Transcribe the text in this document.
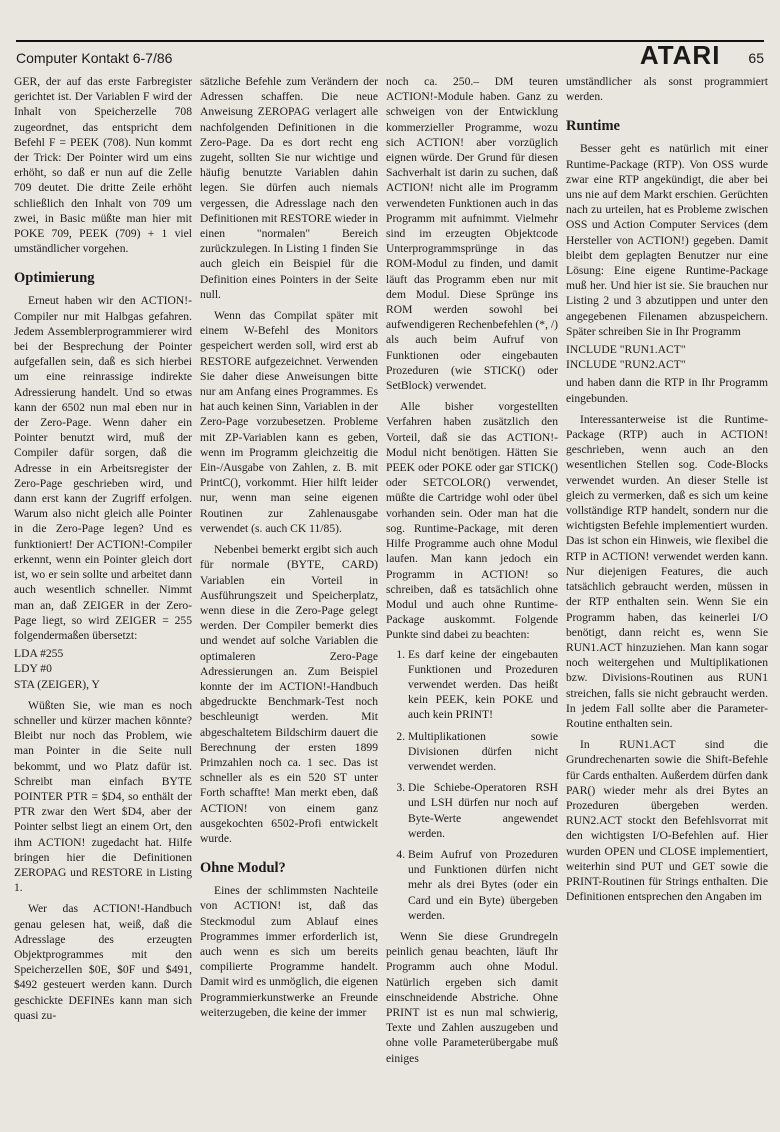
Computer Kontakt 6-7/86	ATARI 65

GER, der auf das erste Farbregister gerichtet ist. Der Variablen F wird der Inhalt von Speicherzelle 708 zugeordnet, das entspricht dem Befehl F = PEEK (708). Nun kommt der Trick: Der Pointer wird um eins erhöht, so daß er nun auf die Zelle 709 deutet. Die dritte Zeile erhöht schließlich den Inhalt von 709 um zwei, in Basic müßte man hier mit POKE 709, PEEK (709) + 1 viel umständlicher vorgehen.

Optimierung

Erneut haben wir den ACTION!-Compiler nur mit Halbgas gefahren. Jedem Assemblerprogrammierer wird bei der Besprechung der Pointer aufgefallen sein, daß es sich hierbei um eine reinrassige indirekte Adressierung handelt. Und so etwas kann der 6502 nun mal eben nur in der Zero-Page. Wenn daher ein Pointer benutzt wird, muß der Compiler dafür sorgen, daß die Adresse in ein Arbeitsregister der Zero-Page geschrieben wird, und dann erst kann der Zugriff erfolgen. Warum also nicht gleich alle Pointer in die Zero-Page legen? Und es funktioniert! Der ACTION!-Compiler erkennt, wenn ein Pointer gleich dort ist, wo er sein sollte und arbeitet dann auch wesentlich schneller. Nimmt man an, daß ZEIGER in der Zero-Page liegt, so wird ZEIGER = 255 folgendermaßen übersetzt:

LDA #255
LDY #0
STA (ZEIGER), Y

Wüßten Sie, wie man es noch schneller und kürzer machen könnte? Bleibt nur noch das Problem, wie man Pointer in die Seite null bekommt, und wo Platz dafür ist. Schreibt man einfach BYTE POINTER PTR = $D4, so enthält der PTR zwar den Wert $D4, aber der Pointer selbst liegt an einem Ort, den ihm ACTION! zugedacht hat. Hilfe bringen hier die Definitionen ZEROPAG und RESTORE in Listing 1.

Wer das ACTION!-Handbuch genau gelesen hat, weiß, daß die Adresslage des erzeugten Objektprogrammes mit den Speicherzellen $0E, $0F und $491, $492 gesteuert werden kann. Durch geschickte DEFINEs kann man sich quasi zu-

sätzliche Befehle zum Verändern der Adressen schaffen. Die neue Anweisung ZEROPAG verlagert alle nachfolgenden Definitionen in die Zero-Page. Da es dort recht eng zugeht, sollten Sie nur wichtige und häufig benutzte Variablen dahin legen. Sie dürfen auch niemals vergessen, die Adresslage nach den Definitionen mit RESTORE wieder in einen "normalen" Bereich zurückzulegen. In Listing 1 finden Sie auch gleich ein Beispiel für die Definition eines Pointers in der Seite null.

Wenn das Compilat später mit einem W-Befehl des Monitors gespeichert werden soll, wird erst ab RESTORE aufgezeichnet. Verwenden Sie daher diese Anweisungen bitte nur am Anfang eines Programmes. Es hat auch keinen Sinn, Variablen in der Zero-Page vorzubesetzen. Probleme mit ZP-Variablen kann es geben, wenn im Programm gleichzeitig die Ein-/Ausgabe von Zahlen, z. B. mit PrintC(), vorkommt. Hier hilft leider nur, wenn man seine eigenen Routinen zur Zahlenausgabe verwendet (s. auch CK 11/85).

Nebenbei bemerkt ergibt sich auch für normale (BYTE, CARD) Variablen ein Vorteil in Ausführungszeit und Speicherplatz, wenn diese in die Zero-Page gelegt werden. Der Compiler bemerkt dies und wendet auf solche Variablen die optimaleren Zero-Page Adressierungen an. Zum Beispiel konnte der im ACTION!-Handbuch abgedruckte Benchmark-Test noch beschleunigt werden. Mit abgeschaltetem Bildschirm dauert die Berechnung der ersten 1899 Primzahlen noch ca. 1 sec. Das ist schneller als es ein 520 ST unter Forth schaffte! Man merkt eben, daß ACTION! von einem ganz ausgekochten 6502-Profi entwickelt wurde.

Ohne Modul?

Eines der schlimmsten Nachteile von ACTION! ist, daß das Steckmodul zum Ablauf eines Programmes immer erforderlich ist, auch wenn es sich um bereits compilierte Programme handelt. Damit wird es unmöglich, die eigenen Programmierkunstwerke an Freunde weiterzugeben, die keine der immer

noch ca. 250.– DM teuren ACTION!-Module haben. Ganz zu schweigen von der Entwicklung kommerzieller Programme, wozu sich ACTION! aber vorzüglich eignen würde. Der Grund für diesen Sachverhalt ist darin zu suchen, daß ACTION! nicht alle im Programm verwendeten Funktionen auch in das Programm mit aufnimmt. Vielmehr sind im erzeugten Objektcode Unterprogrammsprünge in das ROM-Modul zu finden, und damit läuft das Programm eben nur mit dem Modul. Diese Sprünge ins ROM werden sowohl bei aufwendigeren Rechenbefehlen (*, /) als auch beim Aufruf von Funktionen oder eingebauten Prozeduren (wie STICK() oder SetBlock) verwendet.

Alle bisher vorgestellten Verfahren haben zusätzlich den Vorteil, daß sie das ACTION!-Modul nicht benötigen. Hätten Sie PEEK oder POKE oder gar STICK() oder SETCOLOR() verwendet, müßte die Cartridge wohl oder übel vorhanden sein. Oder man hat die sog. Runtime-Package, mit deren Hilfe Programme auch ohne Modul laufen. Man kann jedoch ein Programm in ACTION! so schreiben, daß es tatsächlich ohne Modul und auch ohne Runtime-Package auskommt. Folgende Punkte sind dabei zu beachten:

1. Es darf keine der eingebauten Funktionen und Prozeduren verwendet werden. Das heißt kein PEEK, kein POKE und auch kein PRINT!
2. Multiplikationen sowie Divisionen dürfen nicht verwendet werden.
3. Die Schiebe-Operatoren RSH und LSH dürfen nur noch auf Byte-Werte angewendet werden.
4. Beim Aufruf von Prozeduren und Funktionen dürfen nicht mehr als drei Bytes (oder ein Card und ein Byte) übergeben werden.

Wenn Sie diese Grundregeln peinlich genau beachten, läuft Ihr Programm auch ohne Modul. Natürlich ergeben sich damit einschneidende Abstriche. Ohne PRINT ist es nun mal schwierig, Texte und Zahlen auszugeben und ohne volle Parameterübergabe muß einiges

umständlicher als sonst programmiert werden.

Runtime

Besser geht es natürlich mit einer Runtime-Package (RTP). Von OSS wurde zwar eine RTP angekündigt, die aber bei uns nie auf dem Markt erschien. Gerüchten nach zu urteilen, hat es Probleme zwischen OSS und Action Computer Services (dem Hersteller von ACTION!) gegeben. Damit bleibt dem geplagten Benutzer nur eine Lösung: Eine eigene Runtime-Package muß her. Und hier ist sie. Sie brauchen nur Listing 2 und 3 abzutippen und unter den angegebenen Filenamen abzuspeichern. Später schreiben Sie in Ihr Programm

INCLUDE "RUN1.ACT"
INCLUDE "RUN2.ACT"

und haben dann die RTP in Ihr Programm eingebunden.

Interessanterweise ist die Runtime-Package (RTP) auch in ACTION! geschrieben, wenn auch an den wesentlichen Stellen sog. Code-Blocks verwendet wurden. An dieser Stelle ist gleich zu vermerken, daß es sich um keine vollständige RTP handelt, sondern nur die wichtigsten Befehle implementiert wurden. Das ist schon ein Hinweis, wie flexibel die RTP in ACTION! verwendet werden kann. Nur diejenigen Features, die auch tatsächlich gebraucht werden, müssen in der RTP enthalten sein. Wenn Sie ein Programm haben, das keinerlei I/O benötigt, dann reicht es, wenn Sie RUN1.ACT hinzuziehen. Man kann sogar noch weitergehen und Multiplikationen bzw. Divisions-Routinen aus RUN1 streichen, falls sie nicht gebraucht werden. In jedem Fall sollte aber die Parameter-Routine enthalten sein.

In RUN1.ACT sind die Grundrechenarten sowie die Shift-Befehle für Cards enthalten. Außerdem dürfen dank PAR() wieder mehr als drei Bytes an Prozeduren übergeben werden. RUN2.ACT stockt den Befehlsvorrat mit den wichtigsten I/O-Befehlen auf. Hier wurden OPEN und CLOSE implementiert, weiterhin sind PUT und GET sowie die PRINT-Routinen für Strings enthalten. Die Definitionen entsprechen den Angaben im
